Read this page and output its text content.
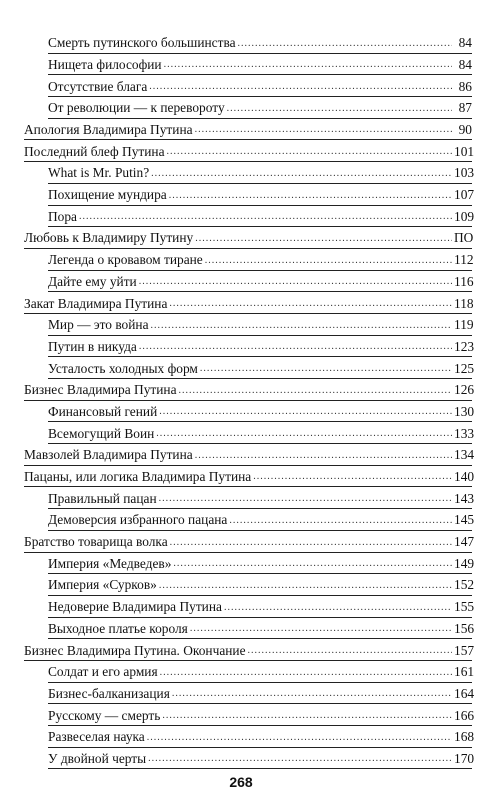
Смерть путинского большинства .....	84
Нищета философии .....	84
Отсутствие блага .....	86
От революции — к перевороту .....	87
Апология Владимира Путина .....	90
Последний блеф Путина .....	101
What is Mr. Putin? .....	103
Похищение мундира .....	107
Пора .....	109
Любовь к Владимиру Путину .....	ПО
Легенда о кровавом тиране .....	112
Дайте ему уйти .....	116
Закат Владимира Путина .....	118
Мир — это война .....	119
Путин в никуда .....	123
Усталость холодных форм .....	125
Бизнес Владимира Путина .....	126
Финансовый гений .....	130
Всемогущий Воин .....	133
Мавзолей Владимира Путина .....	134
Пацаны, или логика Владимира Путина .....	140
Правильный пацан .....	143
Демоверсия избранного пацана .....	145
Братство товарища волка .....	147
Империя «Медведев» .....	149
Империя «Сурков» .....	152
Недоверие Владимира Путина .....	155
Выходное платье короля .....	156
Бизнес Владимира Путина. Окончание .....	157
Солдат и его армия .....	161
Бизнес-балканизация .....	164
Русскому — смерть .....	166
Развеселая наука .....	168
У двойной черты .....	170
268
